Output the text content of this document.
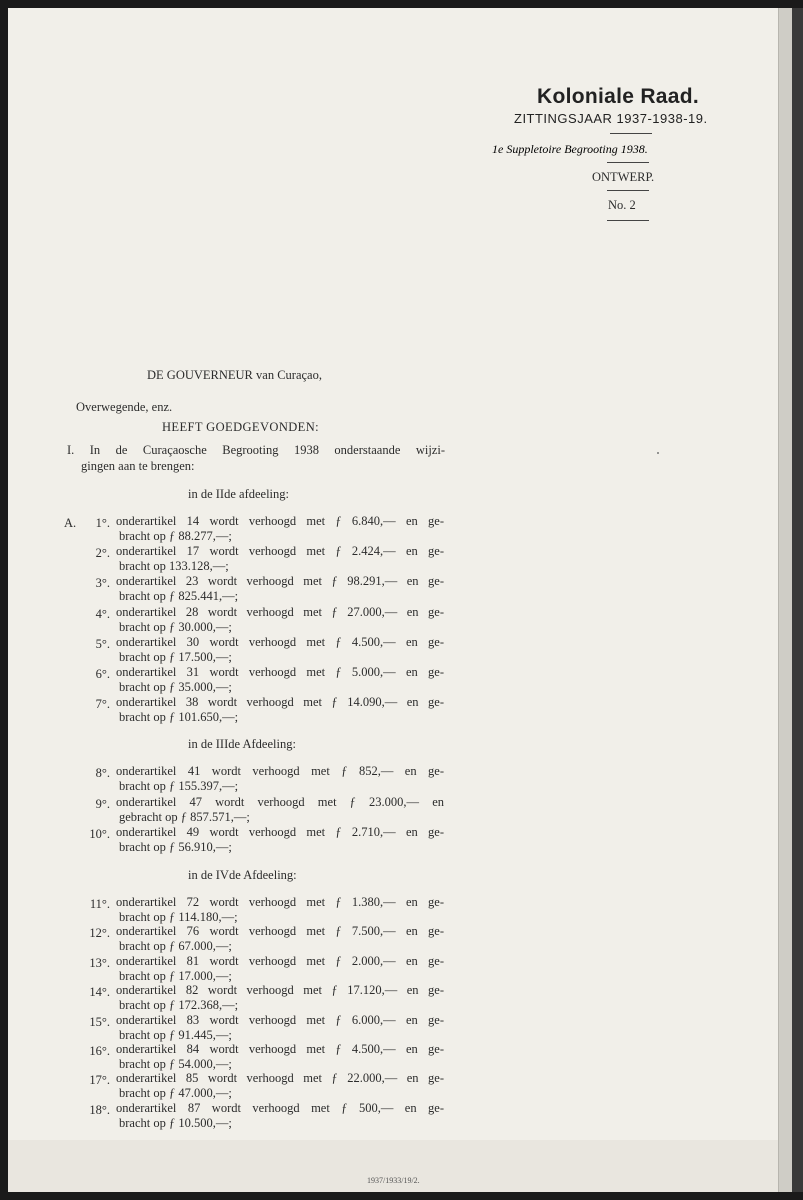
Koloniale Raad.
ZITTINGSJAAR 1937-1938-19.
1e Suppletoire Begrooting 1938.
ONTWERP.
No. 2
DE GOUVERNEUR van Curaçao,
Overwegende, enz.
HEEFT GOEDGEVONDEN:
I. In de Curaçaosche Begrooting 1938 onderstaande wijzi-
gingen aan te brengen:
in de IIde afdeeling:
A.
in de IIIde Afdeeling:
in de IVde Afdeeling:
1°. onderartikel 14 wordt verhoogd met ƒ 6.840,— en ge-
bracht op ƒ 88.277,—;
2°. onderartikel 17 wordt verhoogd met ƒ 2.424,— en ge-
bracht op 133.128,—;
3°. onderartikel 23 wordt verhoogd met ƒ 98.291,— en ge-
bracht op ƒ 825.441,—;
4°. onderartikel 28 wordt verhoogd met ƒ 27.000,— en ge-
bracht op ƒ 30.000,—;
5°. onderartikel 30 wordt verhoogd met ƒ 4.500,— en ge-
bracht op ƒ 17.500,—;
6°. onderartikel 31 wordt verhoogd met ƒ 5.000,— en ge-
bracht op ƒ 35.000,—;
7°. onderartikel 38 wordt verhoogd met ƒ 14.090,— en ge-
bracht op ƒ 101.650,—;
8°. onderartikel 41 wordt verhoogd met ƒ 852,— en ge-
bracht op ƒ 155.397,—;
9°. onderartikel 47 wordt verhoogd met ƒ 23.000,— en
gebracht op ƒ 857.571,—;
10°. onderartikel 49 wordt verhoogd met ƒ 2.710,— en ge-
bracht op ƒ 56.910,—;
11°. onderartikel 72 wordt verhoogd met ƒ 1.380,— en ge-
bracht op ƒ 114.180,—;
12°. onderartikel 76 wordt verhoogd met ƒ 7.500,— en ge-
bracht op ƒ 67.000,—;
13°. onderartikel 81 wordt verhoogd met ƒ 2.000,— en ge-
bracht op ƒ 17.000,—;
14°. onderartikel 82 wordt verhoogd met ƒ 17.120,— en ge-
bracht op ƒ 172.368,—;
15°. onderartikel 83 wordt verhoogd met ƒ 6.000,— en ge-
bracht op ƒ 91.445,—;
16°. onderartikel 84 wordt verhoogd met ƒ 4.500,— en ge-
bracht op ƒ 54.000,—;
17°. onderartikel 85 wordt verhoogd met ƒ 22.000,— en ge-
bracht op ƒ 47.000,—;
18°. onderartikel 87 wordt verhoogd met ƒ 500,— en ge-
bracht op ƒ 10.500,—;
1937/1933/19/2.
